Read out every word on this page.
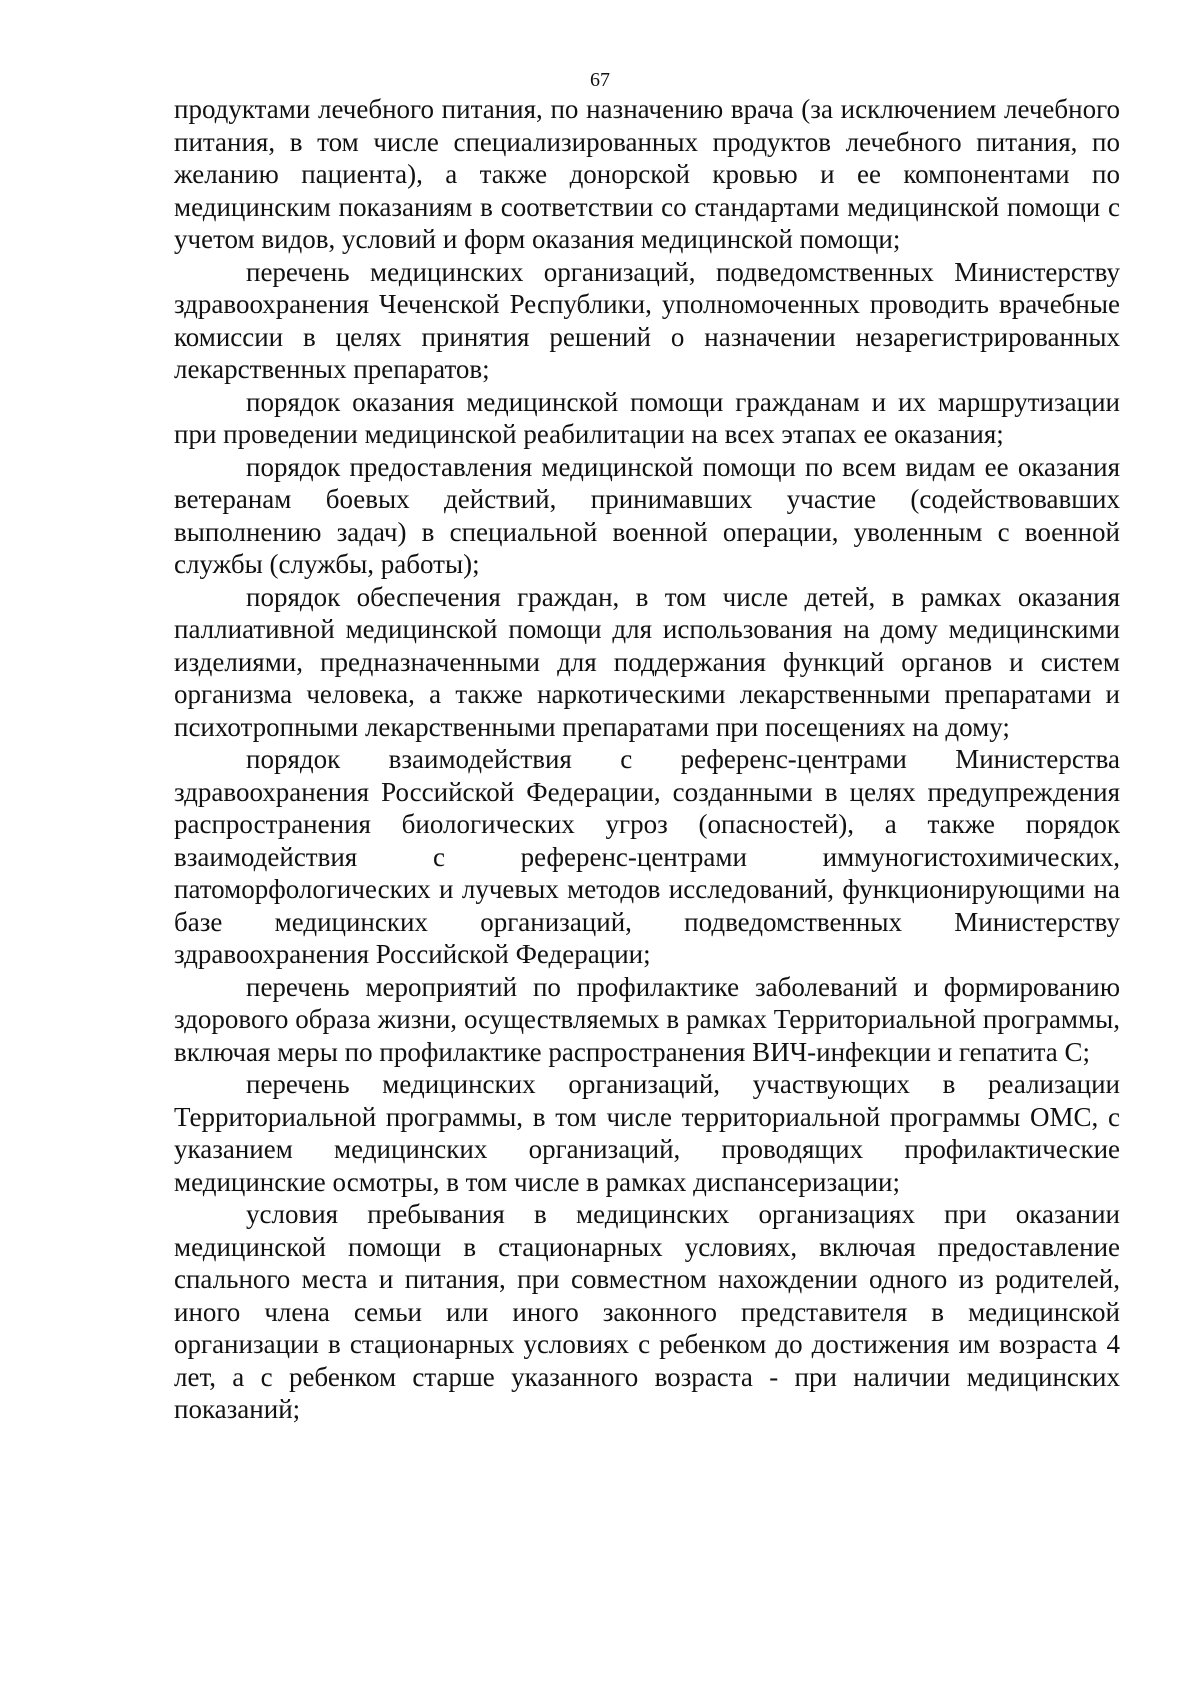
67

продуктами лечебного питания, по назначению врача (за исключением лечебного питания, в том числе специализированных продуктов лечебного питания, по желанию пациента), а также донорской кровью и ее компонентами по медицинским показаниям в соответствии со стандартами медицинской помощи с учетом видов, условий и форм оказания медицинской помощи;

перечень медицинских организаций, подведомственных Министерству здравоохранения Чеченской Республики, уполномоченных проводить врачебные комиссии в целях принятия решений о назначении незарегистрированных лекарственных препаратов;

порядок оказания медицинской помощи гражданам и их маршрутизации при проведении медицинской реабилитации на всех этапах ее оказания;

порядок предоставления медицинской помощи по всем видам ее оказания ветеранам боевых действий, принимавших участие (содействовавших выполнению задач) в специальной военной операции, уволенным с военной службы (службы, работы);

порядок обеспечения граждан, в том числе детей, в рамках оказания паллиативной медицинской помощи для использования на дому медицинскими изделиями, предназначенными для поддержания функций органов и систем организма человека, а также наркотическими лекарственными препаратами и психотропными лекарственными препаратами при посещениях на дому;

порядок взаимодействия с референс-центрами Министерства здравоохранения Российской Федерации, созданными в целях предупреждения распространения биологических угроз (опасностей), а также порядок взаимодействия с референс-центрами иммуногистохимических, патоморфологических и лучевых методов исследований, функционирующими на базе медицинских организаций, подведомственных Министерству здравоохранения Российской Федерации;

перечень мероприятий по профилактике заболеваний и формированию здорового образа жизни, осуществляемых в рамках Территориальной программы, включая меры по профилактике распространения ВИЧ-инфекции и гепатита С;

перечень медицинских организаций, участвующих в реализации Территориальной программы, в том числе территориальной программы ОМС, с указанием медицинских организаций, проводящих профилактические медицинские осмотры, в том числе в рамках диспансеризации;

условия пребывания в медицинских организациях при оказании медицинской помощи в стационарных условиях, включая предоставление спального места и питания, при совместном нахождении одного из родителей, иного члена семьи или иного законного представителя в медицинской организации в стационарных условиях с ребенком до достижения им возраста 4 лет, а с ребенком старше указанного возраста - при наличии медицинских показаний;
